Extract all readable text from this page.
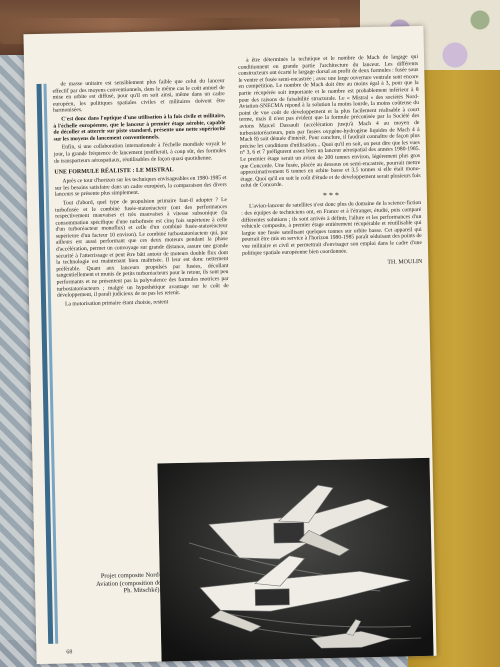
de masse unitaire est sensiblement plus faible que celui du lanceur effectif par des moyens conventionnels, dans le même cas le coût annuel de mise en orbite est diffusé, pour qu'il en soit ainsi, même dans un cadre européen, les politiques spatiales civiles et militaires doivent être harmonisées.

C'est donc dans l'optique d'une utilisation à la fois civile et militaire, à l'échelle européenne, que le lanceur à premier étage aérobie, capable de décoller et atterrir sur piste standard, présente une nette supériorité sur les moyens de lancement conventionnels.

Enfin, si une collaboration internationale à l'échelle mondiale voyait le jour, la grande fréquence de lancement justifierait, à coup sûr, des formules de transporteurs aérospatiaux, réutilisables de façon quasi quotidienne.

UNE FORMULE RÉALISTE : LE MISTRAL

Après ce tour d'horizon sur les techniques envisageables en 1980-1985 et sur les besoins satisfaire dans un cadre européen, la comparaison des divers lanceurs se présente plus simplement.

Tout d'abord, quel type de propulsion primaire faut-il adopter ? Le turbofusée et le combiné fusée-statoréacteur (ont des performances respectivement mauvaises et très mauvaises à vitesse subsonique (la consommation spécifique d'une turbofusée est cinq fois supérieure à celle d'un turboréacteur monoflux) et celle d'un combiné fusée-statoréacteur supérieure d'un facteur 10 environ). Le combiné turbostatoréacteur qui, par ailleurs est aussi performant que ces deux moteurs pendant la phase d'accélération, permet un convoyage sur grande distance, assure une grande sécurité à l'atterrissage et peut être bâti autour de moteurs double flux dont la technologie est maintenant bien maîtrisée. Il leur est donc nettement préférable. Quant aux lanceurs propulsés par fusées, décollant tangentiellement et munis de petits turboréacteurs pour le retour, ils sont peu performants et ne présentent pas la polyvalence des formules motrices par turbostatoréacteurs ; malgré un hypothétique avantage sur le coût de développement, il paraît judicieux de ne pas les retenir.

La motorisation primaire étant choisie, restent

à être déterminés la technique et le nombre de Mach de largage qui conditionnent en grande partie l'architecture du lanceur. Les différents constructeurs ont écarté le largage dorsal au profit de deux formules : fusée sous le ventre et fusée semi-encastrée ; avec une large ouverture ventrale sont encore en compétition. Le nombre de Mach doit être au moins égal à 3, pour que la partie récupérée soit importante et le nombre est probablement inférieur à 8 pour des raisons de faisabilité structurale. Le « Mistral » des sociétés Nord-Aviation-SNECMA répond à la solution la moins lourde, la moins coûteuse du point de vue coût de développement et la plus facilement réalisable à court terme, mais il n'est pas évident que la formule préconisée par la Société des avions Marcel Dassault (accélération jusqu'à Mach 4 au moyen de turbostatoréacteurs, puis par fusées oxygène-hydrogène liquides de Mach 4 à Mach 8) soit dénuée d'intérêt. Pour conclure, il faudrait connaître de façon plus précise les conditions d'utilisation... Quoi qu'il en soit, on peut dire que les vues n° 3, 6 et 7 préfigurent assez bien un lanceur aérospatial des années 1980-1985. Le premier étage serait un avion de 200 tonnes environ, légèrement plus gros que Concorde. Une fusée, placée au dessous ou semi-encastrée, pourrait mettre approximativement 6 tonnes en orbite basse et 3,5 tonnes si elle était mono-étage. Quoi qu'il en soit le coût d'étude et de développement serait plusieurs fois celui de Concorde.

* * *

L'avion-lanceur de satellites n'est donc plus du domaine de la science-fiction : des équipes de techniciens ont, en France et à l'étranger, étudié, puis comparé différentes solutions ; ils sont arrivés à définir, l'allure et les performances d'un véhicule composite, à premier étage entièrement récupérable et réutilisable qui largue une fusée satellisant quelques tonnes sur orbite basse. Cet appareil qui pourrait être mis en service à l'horizon 1980-1985 paraît séduisant des points de vue militaire et civil et permettrait d'envisager son emploi dans le cadre d'une politique spatiale européenne bien coordonnée.

TH. MOULIN
Projet composite Nord-Aviation (composition de Ph. Mitschké).
68
